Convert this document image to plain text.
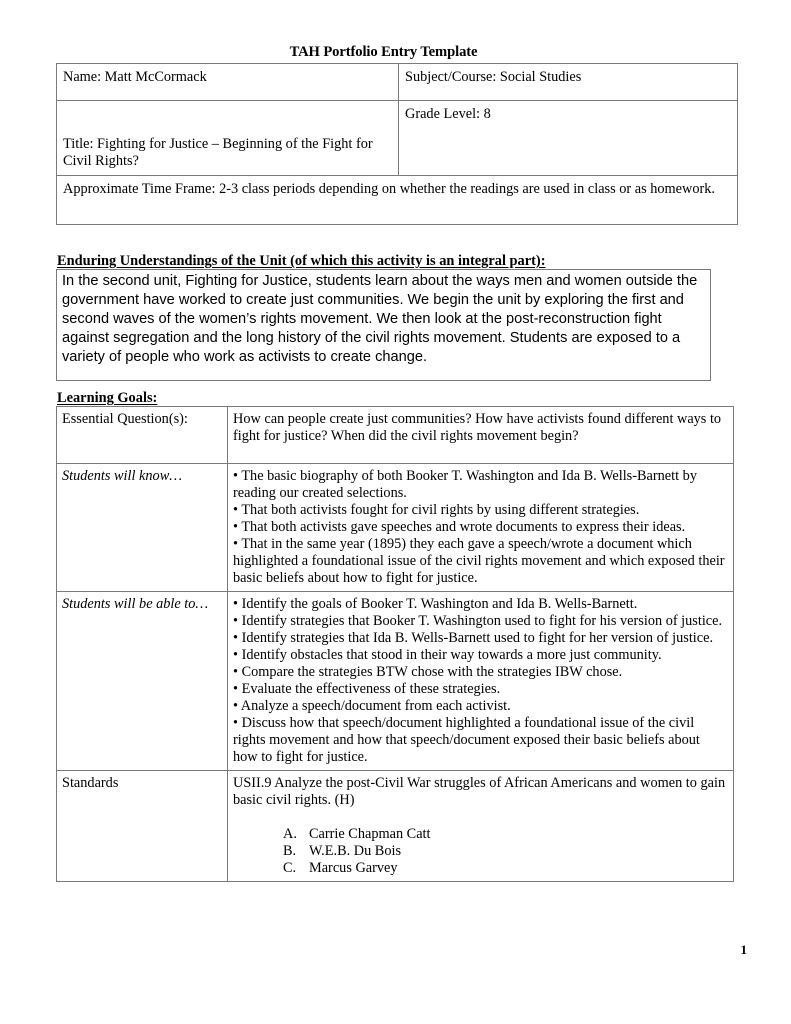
TAH Portfolio Entry Template
Name: Matt McCormack	Subject/Course: Social Studies

Title: Fighting for Justice – Beginning of the Fight for Civil Rights?	Grade Level: 8
Approximate Time Frame: 2-3 class periods depending on whether the readings are used in class or as homework.	
Enduring Understandings of the Unit (of which this activity is an integral part):
In the second unit, Fighting for Justice, students learn about the ways men and women outside the government have worked to create just communities. We begin the unit by exploring the first and second waves of the women’s rights movement. We then look at the post-reconstruction fight against segregation and the long history of the civil rights movement. Students are exposed to a variety of people who work as activists to create change.
Learning Goals:
Essential Question(s):	How can people create just communities? How have activists found different ways to fight for justice? When did the civil rights movement begin?
Students will know…	• The basic biography of both Booker T. Washington and Ida B. Wells-Barnett by reading our created selections.
• That both activists fought for civil rights by using different strategies.
• That both activists gave speeches and wrote documents to express their ideas.
• That in the same year (1895) they each gave a speech/wrote a document which highlighted a foundational issue of the civil rights movement and which exposed their basic beliefs about how to fight for justice.

Students will be able to…	• Identify the goals of Booker T. Washington and Ida B. Wells-Barnett.
• Identify strategies that Booker T. Washington used to fight for his version of justice.
• Identify strategies that Ida B. Wells-Barnett used to fight for her version of justice.
• Identify obstacles that stood in their way towards a more just community.
• Compare the strategies BTW chose with the strategies IBW chose.
• Evaluate the effectiveness of these strategies.
• Analyze a speech/document from each activist.
• Discuss how that speech/document highlighted a foundational issue of the civil rights movement and how that speech/document exposed their basic beliefs about how to fight for justice.

Standards	USII.9 Analyze the post-Civil War struggles of African Americans and women to gain basic civil rights. (H)
A. Carrie Chapman Catt
B. W.E.B. Du Bois
C. Marcus Garvey
1
